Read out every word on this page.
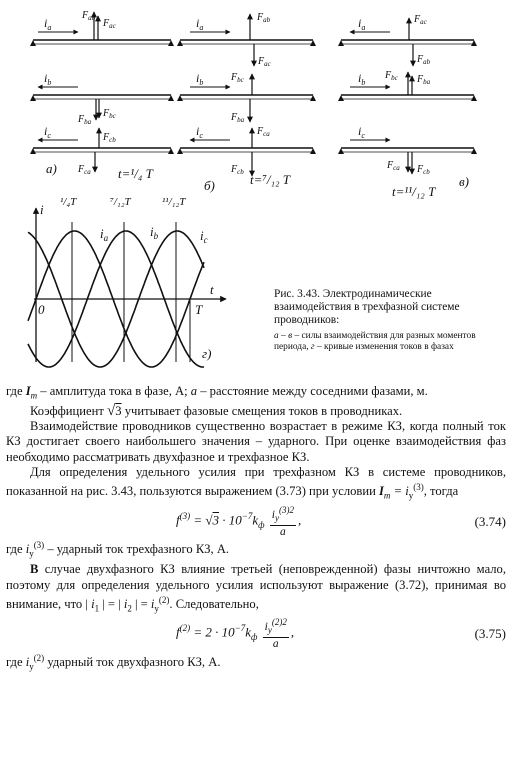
$i_a$
$i_b$
$i_c$
$i_a$
$i_b$
$i_c$
$i_a$
$i_b$
$i_c$
$F_{ab}$ $F_{ac}$
$F_{bc}$
$F_{ba}$
$F_{cb}$
$F_{ca}$
$F_{ab}$
$F_{ac}$
$F_{bc}$
$F_{ba}$
$F_{ca}$
$F_{cb}$
$F_{ac}$
$F_{ab}$
$F_{bc}$ $F_{ba}$
$F_{ca}$ $F_{cb}$
а)
б)	в)
г)
t=¹/₄ T	t=⁷/₁₂ T
t=¹¹/₁₂ T
i
t
0	T
¹/₄T	⁷/₁₂T	¹¹/₁₂T
$i_a$	$i_b$	$i_c$
Рис. 3.43. Электродинамические взаимодействия в трехфазной системе проводников:
а – в – силы взаимодействия для разных моментов периода, г – кривые изменения токов в фазах

где $I_m$ – амплитуда тока в фазе, А; a – расстояние между соседними фазами, м.

Коэффициент √3 учитывает фазовые смещения токов в проводниках.

Взаимодействие проводников существенно возрастает в режиме КЗ, когда полный ток КЗ достигает своего наибольшего значения – ударного. При оценке взаимодействия фаз необходимо рассматривать двухфазное и трехфазное КЗ.

Для определения удельного усилия при трехфазном КЗ в системе проводников, показанной на рис. 3.43, пользуются выражением (3.73) при условии $I_m = i_у^{(3)}$, тогда

$f^{(3)} = √3 \cdot 10^{-7}k_ф \frac{i_у^{(3)2}}{a}$ ,	(3.74)

где $i_у^{(3)}$ – ударный ток трехфазного КЗ, А.

В случае двухфазного КЗ влияние третьей (неповрежденной) фазы ничтожно мало, поэтому для определения удельного усилия используют выражение (3.72), принимая во внимание, что | $i_1$ | = | $i_2$ | = $i_у^{(2)}$. Следовательно,

$f^{(2)} = 2 \cdot 10^{-7}k_ф \frac{i_у^{(2)2}}{a}$ ,	(3.75)

где $i_у^{(2)}$ ударный ток двухфазного КЗ, А.
